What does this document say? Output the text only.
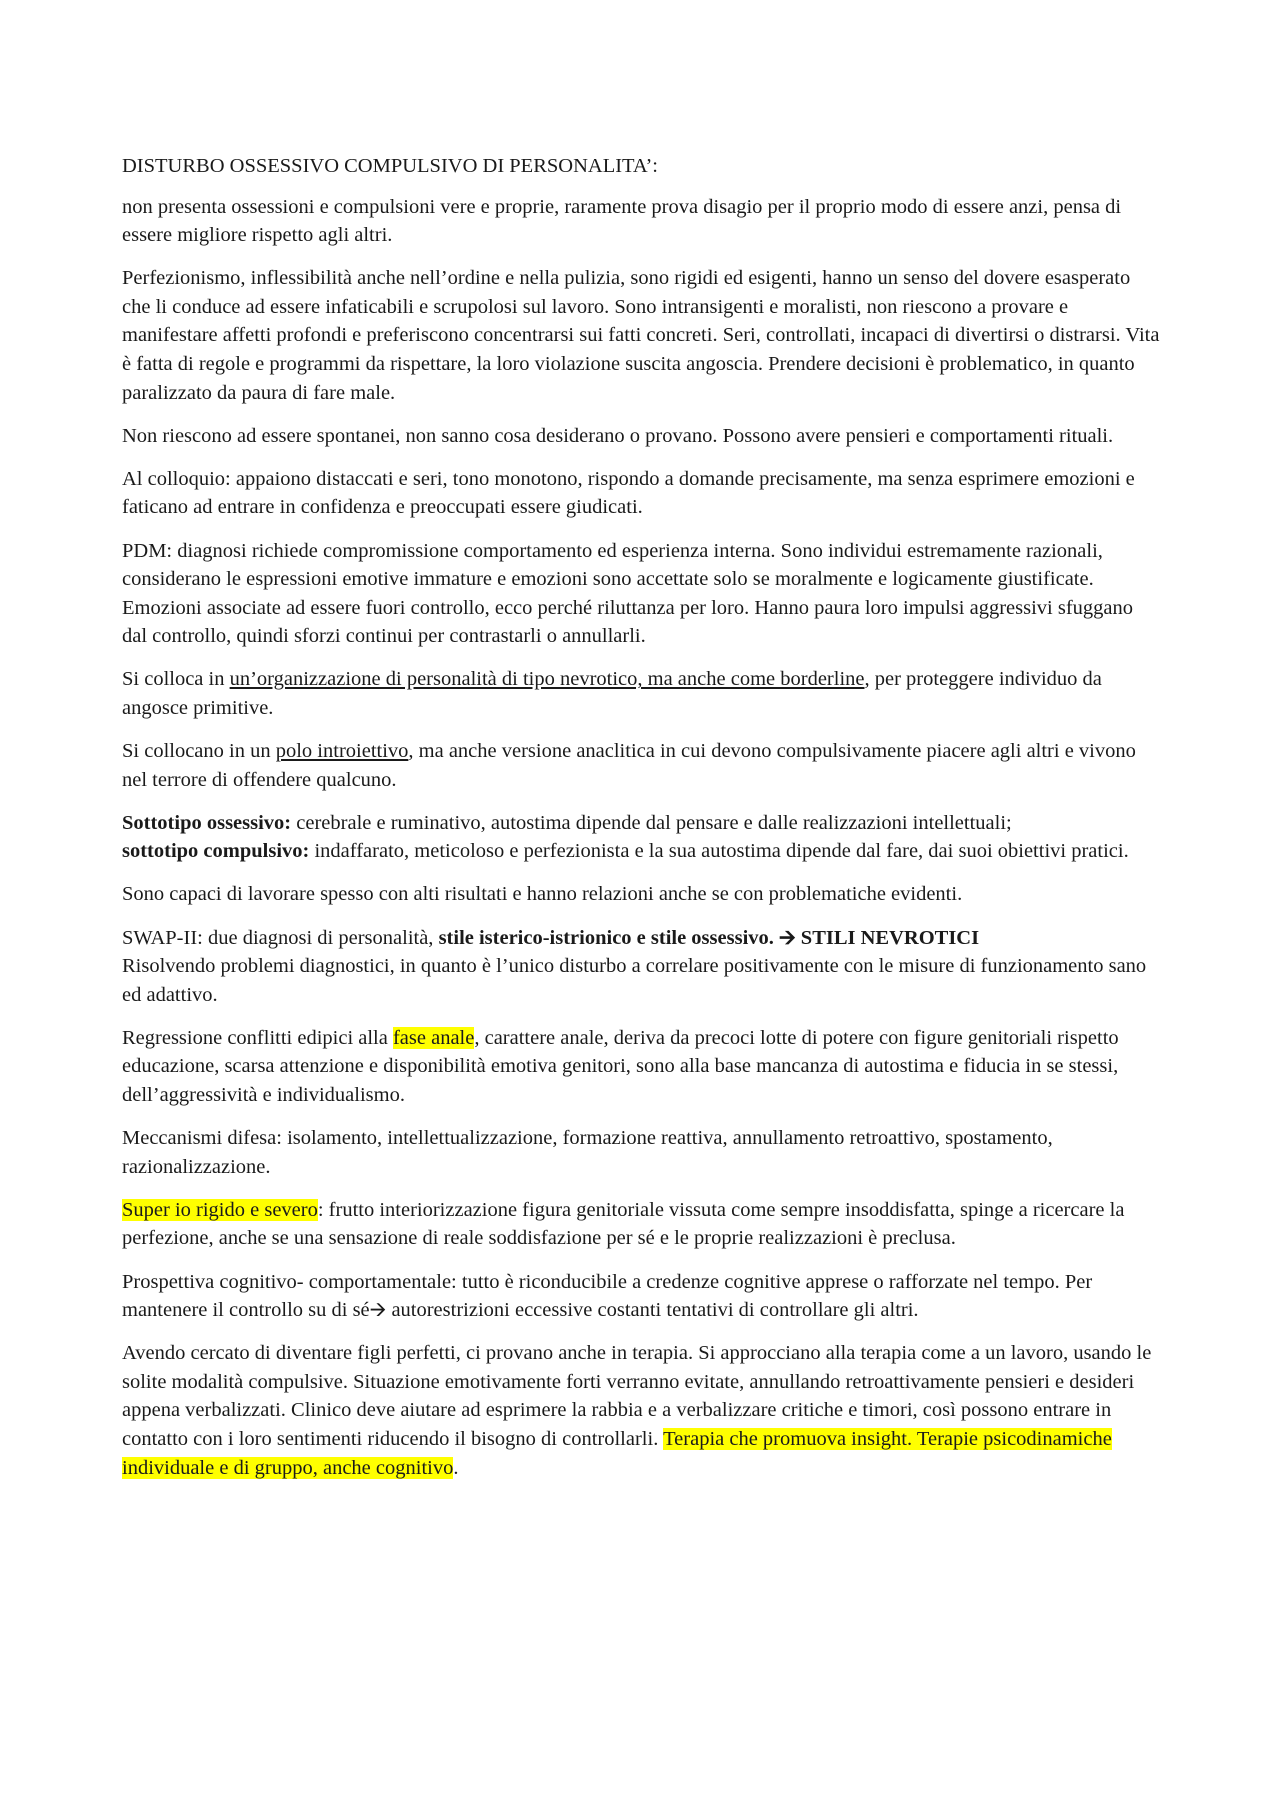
DISTURBO OSSESSIVO COMPULSIVO DI PERSONALITA’:

non presenta ossessioni e compulsioni vere e proprie, raramente prova disagio per il proprio modo di essere anzi, pensa di essere migliore rispetto agli altri.

Perfezionismo, inflessibilità anche nell’ordine e nella pulizia, sono rigidi ed esigenti, hanno un senso del dovere esasperato che li conduce ad essere infaticabili e scrupolosi sul lavoro. Sono intransigenti e moralisti, non riescono a provare e manifestare affetti profondi e preferiscono concentrarsi sui fatti concreti. Seri, controllati, incapaci di divertirsi o distrarsi. Vita è fatta di regole e programmi da rispettare, la loro violazione suscita angoscia. Prendere decisioni è problematico, in quanto paralizzato da paura di fare male.

Non riescono ad essere spontanei, non sanno cosa desiderano o provano. Possono avere pensieri e comportamenti rituali.

Al colloquio: appaiono distaccati e seri, tono monotono, rispondo a domande precisamente, ma senza esprimere emozioni e faticano ad entrare in confidenza e preoccupati essere giudicati.

PDM: diagnosi richiede compromissione comportamento ed esperienza interna. Sono individui estremamente razionali, considerano le espressioni emotive immature e emozioni sono accettate solo se moralmente e logicamente giustificate. Emozioni associate ad essere fuori controllo, ecco perché riluttanza per loro. Hanno paura loro impulsi aggressivi sfuggano dal controllo, quindi sforzi continui per contrastarli o annullarli.

Si colloca in un’organizzazione di personalità di tipo nevrotico, ma anche come borderline, per proteggere individuo da angosce primitive.

Si collocano in un polo introiettivo, ma anche versione anaclitica in cui devono compulsivamente piacere agli altri e vivono nel terrore di offendere qualcuno.

Sottotipo ossessivo: cerebrale e ruminativo, autostima dipende dal pensare e dalle realizzazioni intellettuali;
sottotipo compulsivo: indaffarato, meticoloso e perfezionista e la sua autostima dipende dal fare, dai suoi obiettivi pratici.

Sono capaci di lavorare spesso con alti risultati e hanno relazioni anche se con problematiche evidenti.

SWAP-II: due diagnosi di personalità, stile isterico-istrionico e stile ossessivo. 🡪 STILI NEVROTICI
Risolvendo problemi diagnostici, in quanto è l’unico disturbo a correlare positivamente con le misure di funzionamento sano ed adattivo.

Regressione conflitti edipici alla fase anale, carattere anale, deriva da precoci lotte di potere con figure genitoriali rispetto educazione, scarsa attenzione e disponibilità emotiva genitori, sono alla base mancanza di autostima e fiducia in se stessi, dell’aggressività e individualismo.

Meccanismi difesa: isolamento, intellettualizzazione, formazione reattiva, annullamento retroattivo, spostamento, razionalizzazione.

Super io rigido e severo: frutto interiorizzazione figura genitoriale vissuta come sempre insoddisfatta, spinge a ricercare la perfezione, anche se una sensazione di reale soddisfazione per sé e le proprie realizzazioni è preclusa.

Prospettiva cognitivo- comportamentale: tutto è riconducibile a credenze cognitive apprese o rafforzate nel tempo. Per mantenere il controllo su di sé🡪 autorestrizioni eccessive costanti tentativi di controllare gli altri.

Avendo cercato di diventare figli perfetti, ci provano anche in terapia. Si approcciano alla terapia come a un lavoro, usando le solite modalità compulsive. Situazione emotivamente forti verranno evitate, annullando retroattivamente pensieri e desideri appena verbalizzati. Clinico deve aiutare ad esprimere la rabbia e a verbalizzare critiche e timori, così possono entrare in contatto con i loro sentimenti riducendo il bisogno di controllarli. Terapia che promuova insight. Terapie psicodinamiche individuale e di gruppo, anche cognitivo.
